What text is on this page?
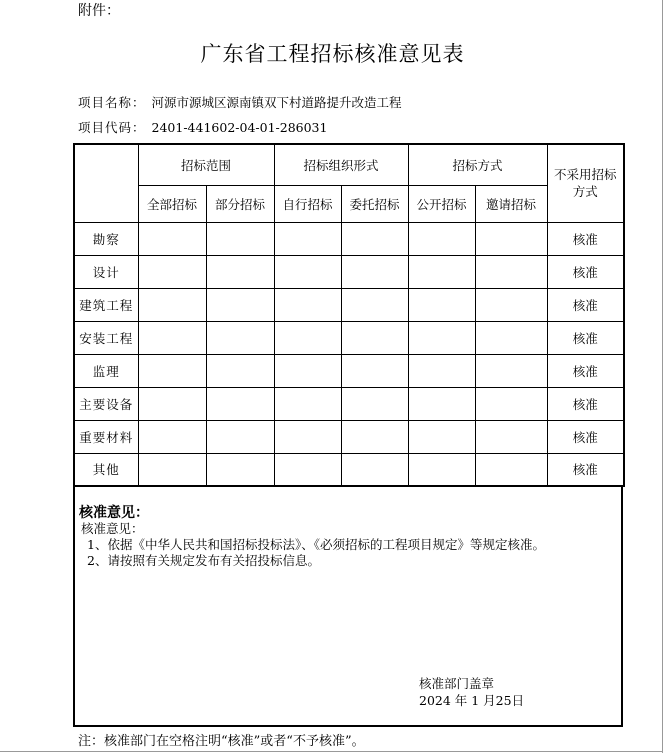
附件：
广东省工程招标核准意见表
项目名称： 河源市源城区源南镇双下村道路提升改造工程
项目代码： 2401-441602-04-01-286031
	招标范围		招标组织形式		招标方式		不采用招标方式

	全部招标	部分招标	自行招标	委托招标	公开招标	邀请招标	
勘察							核准
设计							核准
建筑工程							核准
安装工程							核准
监理							核准
主要设备							核准
重要材料							核准
其他							核准
核准意见：
核准意见：
1、依据《中华人民共和国招标投标法》、《必须招标的工程项目规定》等规定核准。
2、请按照有关规定发布有关招投标信息。
核准部门盖章
2024 年 1 月25日
注：核准部门在空格注明“核准”或者“不予核准”。
